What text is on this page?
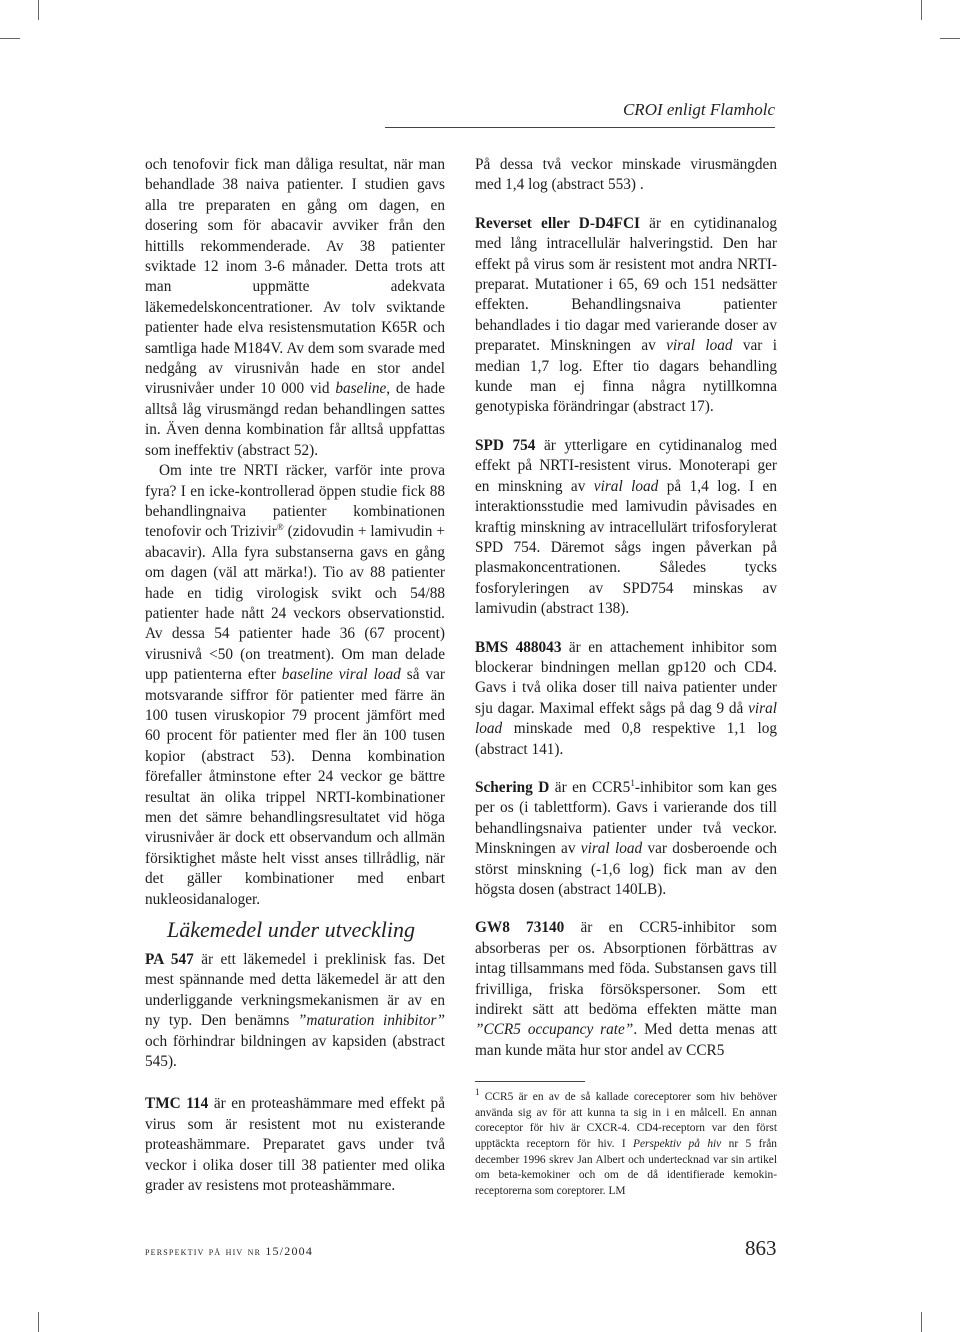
CROI enligt Flamholc

och tenofovir fick man dåliga resultat, när man behandlade 38 naiva patienter. I studien gavs alla tre preparaten en gång om dagen, en dosering som för abacavir avviker från den hittills rekommenderade. Av 38 patienter sviktade 12 inom 3-6 månader. Detta trots att man uppmätte adekvata läkemedelskoncentrationer. Av tolv sviktande patienter hade elva resistensmutation K65R och samtliga hade M184V. Av dem som svarade med nedgång av virusnivån hade en stor andel virusnivåer under 10 000 vid baseline, de hade alltså låg virusmängd redan behandlingen sattes in. Även denna kombination får alltså uppfattas som ineffektiv (abstract 52).

Om inte tre NRTI räcker, varför inte prova fyra? I en icke-kontrollerad öppen studie fick 88 behandlingnaiva patienter kombinationen tenofovir och Trizivir® (zidovudin + lamivudin + abacavir). Alla fyra substanserna gavs en gång om dagen (väl att märka!). Tio av 88 patienter hade en tidig virologisk svikt och 54/88 patienter hade nått 24 veckors observationstid. Av dessa 54 patienter hade 36 (67 procent) virusnivå <50 (on treatment). Om man delade upp patienterna efter baseline viral load så var motsvarande siffror för patienter med färre än 100 tusen viruskopior 79 procent jämfört med 60 procent för patienter med fler än 100 tusen kopior (abstract 53). Denna kombination förefaller åtminstone efter 24 veckor ge bättre resultat än olika trippel NRTI-kombinationer men det sämre behandlingsresultatet vid höga virusnivåer är dock ett observandum och allmän försiktighet måste helt visst anses tillrådlig, när det gäller kombinationer med enbart nukleosidanaloger.

Läkemedel under utveckling

PA 547 är ett läkemedel i preklinisk fas. Det mest spännande med detta läkemedel är att den underliggande verkningsmekanismen är av en ny typ. Den benämns ”maturation inhibitor” och förhindrar bildningen av kapsiden (abstract 545).

TMC 114 är en proteashämmare med effekt på virus som är resistent mot nu existerande proteashämmare. Preparatet gavs under två veckor i olika doser till 38 patienter med olika grader av resistens mot proteashämmare.

På dessa två veckor minskade virusmängden med 1,4 log (abstract 553) .

Reverset eller D-D4FCI är en cytidinanalog med lång intracellulär halveringstid. Den har effekt på virus som är resistent mot andra NRTI-preparat. Mutationer i 65, 69 och 151 nedsätter effekten. Behandlingsnaiva patienter behandlades i tio dagar med varierande doser av preparatet. Minskningen av viral load var i median 1,7 log. Efter tio dagars behandling kunde man ej finna några nytillkomna genotypiska förändringar (abstract 17).

SPD 754 är ytterligare en cytidinanalog med effekt på NRTI-resistent virus. Monoterapi ger en minskning av viral load på 1,4 log. I en interaktionsstudie med lamivudin påvisades en kraftig minskning av intracellulärt trifosforylerat SPD 754. Däremot sågs ingen påverkan på plasmakoncentrationen. Således tycks fosforyleringen av SPD754 minskas av lamivudin (abstract 138).

BMS 488043 är en attachement inhibitor som blockerar bindningen mellan gp120 och CD4. Gavs i två olika doser till naiva patienter under sju dagar. Maximal effekt sågs på dag 9 då viral load minskade med 0,8 respektive 1,1 log (abstract 141).

Schering D är en $CCR5^1$-inhibitor som kan ges per os (i tablettform). Gavs i varierande dos till behandlingsnaiva patienter under två veckor. Minskningen av viral load var dosberoende och störst minskning (-1,6 log) fick man av den högsta dosen (abstract 140LB).

GW8 73140 är en CCR5-inhibitor som absorberas per os. Absorptionen förbättras av intag tillsammans med föda. Substansen gavs till frivilliga, friska försökspersoner. Som ett indirekt sätt att bedöma effekten mätte man ”CCR5 occupancy rate”. Med detta menas att man kunde mäta hur stor andel av CCR5

$^1$ CCR5 är en av de så kallade coreceptorer som hiv behöver använda sig av för att kunna ta sig in i en målcell. En annan coreceptor för hiv är CXCR-4. CD4-receptorn var den först upptäckta receptorn för hiv. I Perspektiv på hiv nr 5 från december 1996 skrev Jan Albert och undertecknad var sin artikel om beta-kemokiner och om de då identifierade kemokin-receptorerna som coreptorer. LM

perspektiv på hiv nr 15/2004	863
